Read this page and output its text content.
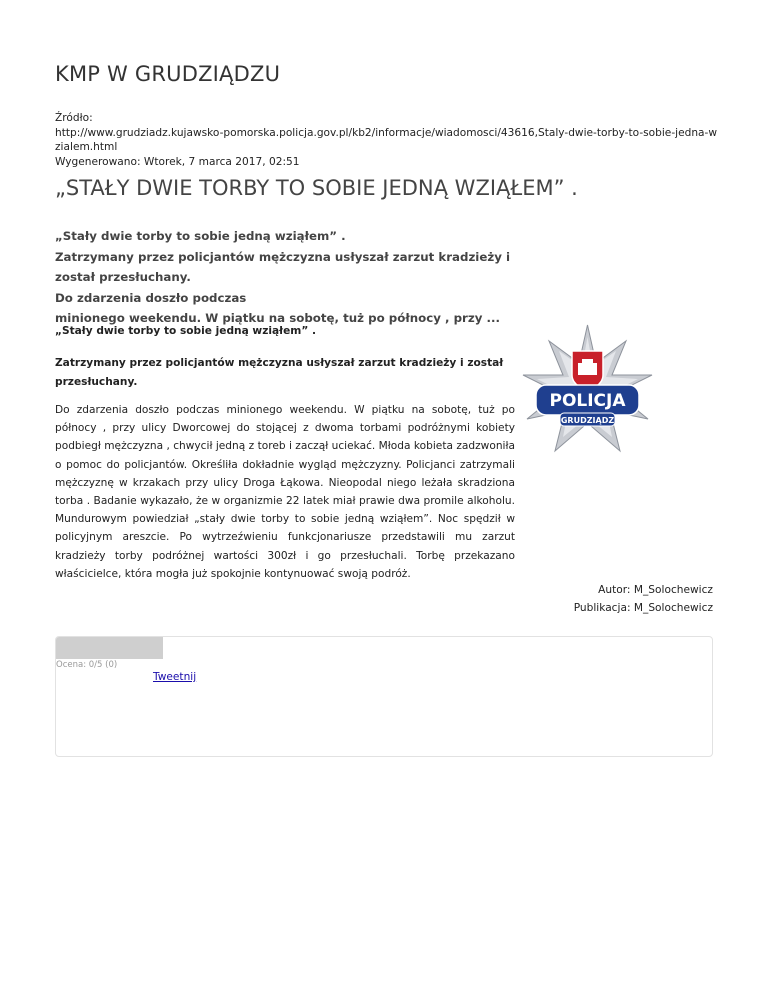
KMP W GRUDZIĄDZU
Źródło:
http://www.grudziadz.kujawsko-pomorska.policja.gov.pl/kb2/informacje/wiadomosci/43616,Staly-dwie-torby-to-sobie-jedna-w
zialem.html
Wygenerowano: Wtorek, 7 marca 2017, 02:51
„STAŁY DWIE TORBY TO SOBIE JEDNĄ WZIĄŁEM” .
„Stały dwie torby to sobie jedną wziąłem” .
Zatrzymany przez policjantów mężczyzna usłyszał zarzut kradzieży i
został przesłuchany.
Do zdarzenia doszło podczas
minionego weekendu. W piątku na sobotę, tuż po północy , przy ...
„Stały dwie torby to sobie jedną wziąłem” .
Zatrzymany przez policjantów mężczyzna usłyszał zarzut kradzieży i został
przesłuchany.
Do zdarzenia doszło podczas minionego weekendu. W piątku na sobotę, tuż po
północy , przy ulicy Dworcowej do stojącej z dwoma torbami podróżnymi kobiety
podbiegł mężczyzna , chwycił jedną z toreb i zaczął uciekać. Młoda kobieta zadzwoniła
o pomoc do policjantów. Określiła dokładnie wygląd mężczyzny. Policjanci zatrzymali
mężczyznę w krzakach przy ulicy Droga Łąkowa. Nieopodal niego leżała skradziona
torba . Badanie wykazało, że w organizmie 22 latek miał prawie dwa promile alkoholu.
Mundurowym powiedział „stały dwie torby to sobie jedną wziąłem”. Noc spędził w
policyjnym areszcie. Po wytrzeźwieniu funkcjonariusze przedstawili mu zarzut
kradzieży torby podróżnej wartości 300zł i go przesłuchali. Torbę przekazano
właścicielce, która mogła już spokojnie kontynuować swoją podróż.
POLICJA
GRUDZIĄDZ
Autor: M_Solochewicz
Publikacja: M_Solochewicz
Ocena: 0/5 (0)
Tweetnij
